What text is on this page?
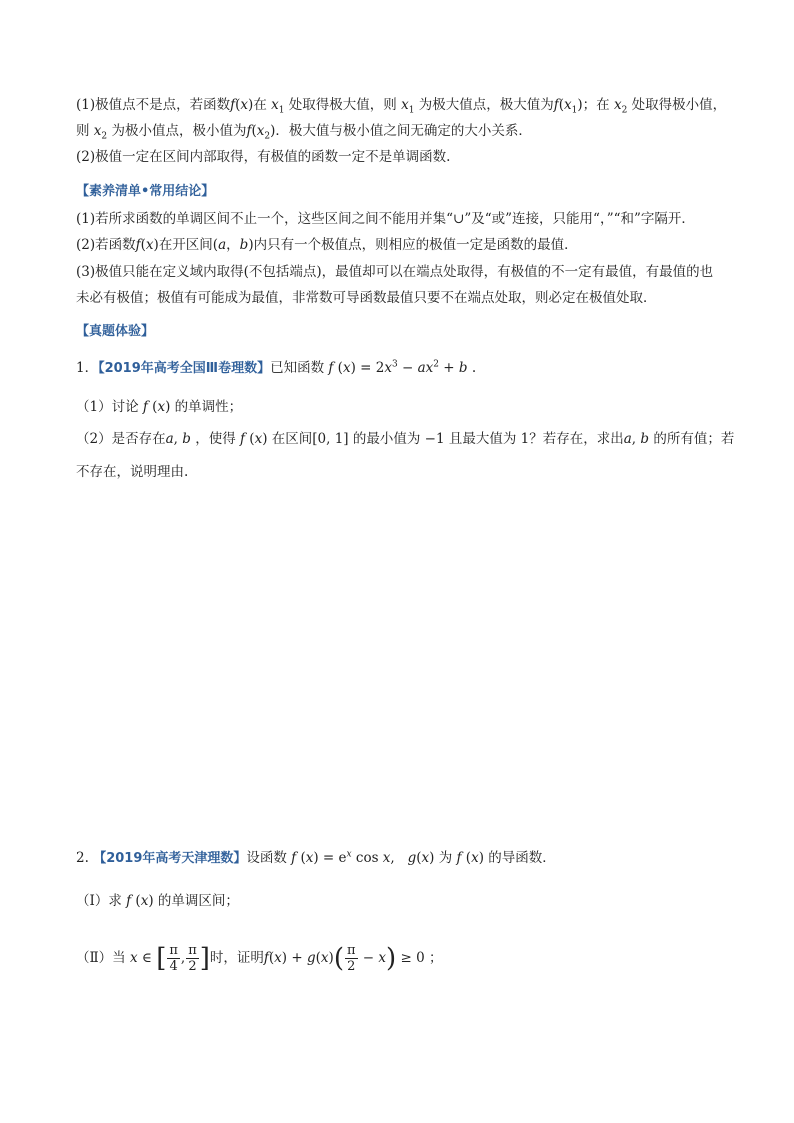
(1)极值点不是点，若函数f(x)在 $x_1$ 处取得极大值，则 $x_1$ 为极大值点，极大值为$f(x_1)$；在 $x_2$ 处取得极小值，
则 $x_2$ 为极小值点，极小值为$f(x_2)$．极大值与极小值之间无确定的大小关系．
(2)极值一定在区间内部取得，有极值的函数一定不是单调函数.
【素养清单•常用结论】
(1)若所求函数的单调区间不止一个，这些区间之间不能用并集“∪”及“或”连接，只能用“，”“和”字隔开．
(2)若函数f(x)在开区间(a，b)内只有一个极值点，则相应的极值一定是函数的最值．
(3)极值只能在定义域内取得(不包括端点)，最值却可以在端点处取得，有极值的不一定有最值，有最值的也
未必有极值；极值有可能成为最值，非常数可导函数最值只要不在端点处取，则必定在极值处取．
【真题体验】
1．【2019年高考全国Ⅲ卷理数】已知函数 f $(x) = 2x^3 - ax^2 + b$ .
（1）讨论 f (x) 的单调性；
（2）是否存在a, b ，使得 f (x) 在区间[0, 1] 的最小值为 −1 且最大值为 1？若存在，求出a, b 的所有值；若
不存在，说明理由.
2. 【2019年高考天津理数】设函数 f $(x) = e^x$ cos x,   g(x) 为 f (x) 的导函数．
（Ⅰ）求 f (x) 的单调区间；
（Ⅱ）当 x ∈ [ $\frac{\pi}{4}$ , $\frac{\pi}{2}$ ]时，证明$f(x) + g(x)( \frac{\pi}{2} - x) \ge 0$ ；
